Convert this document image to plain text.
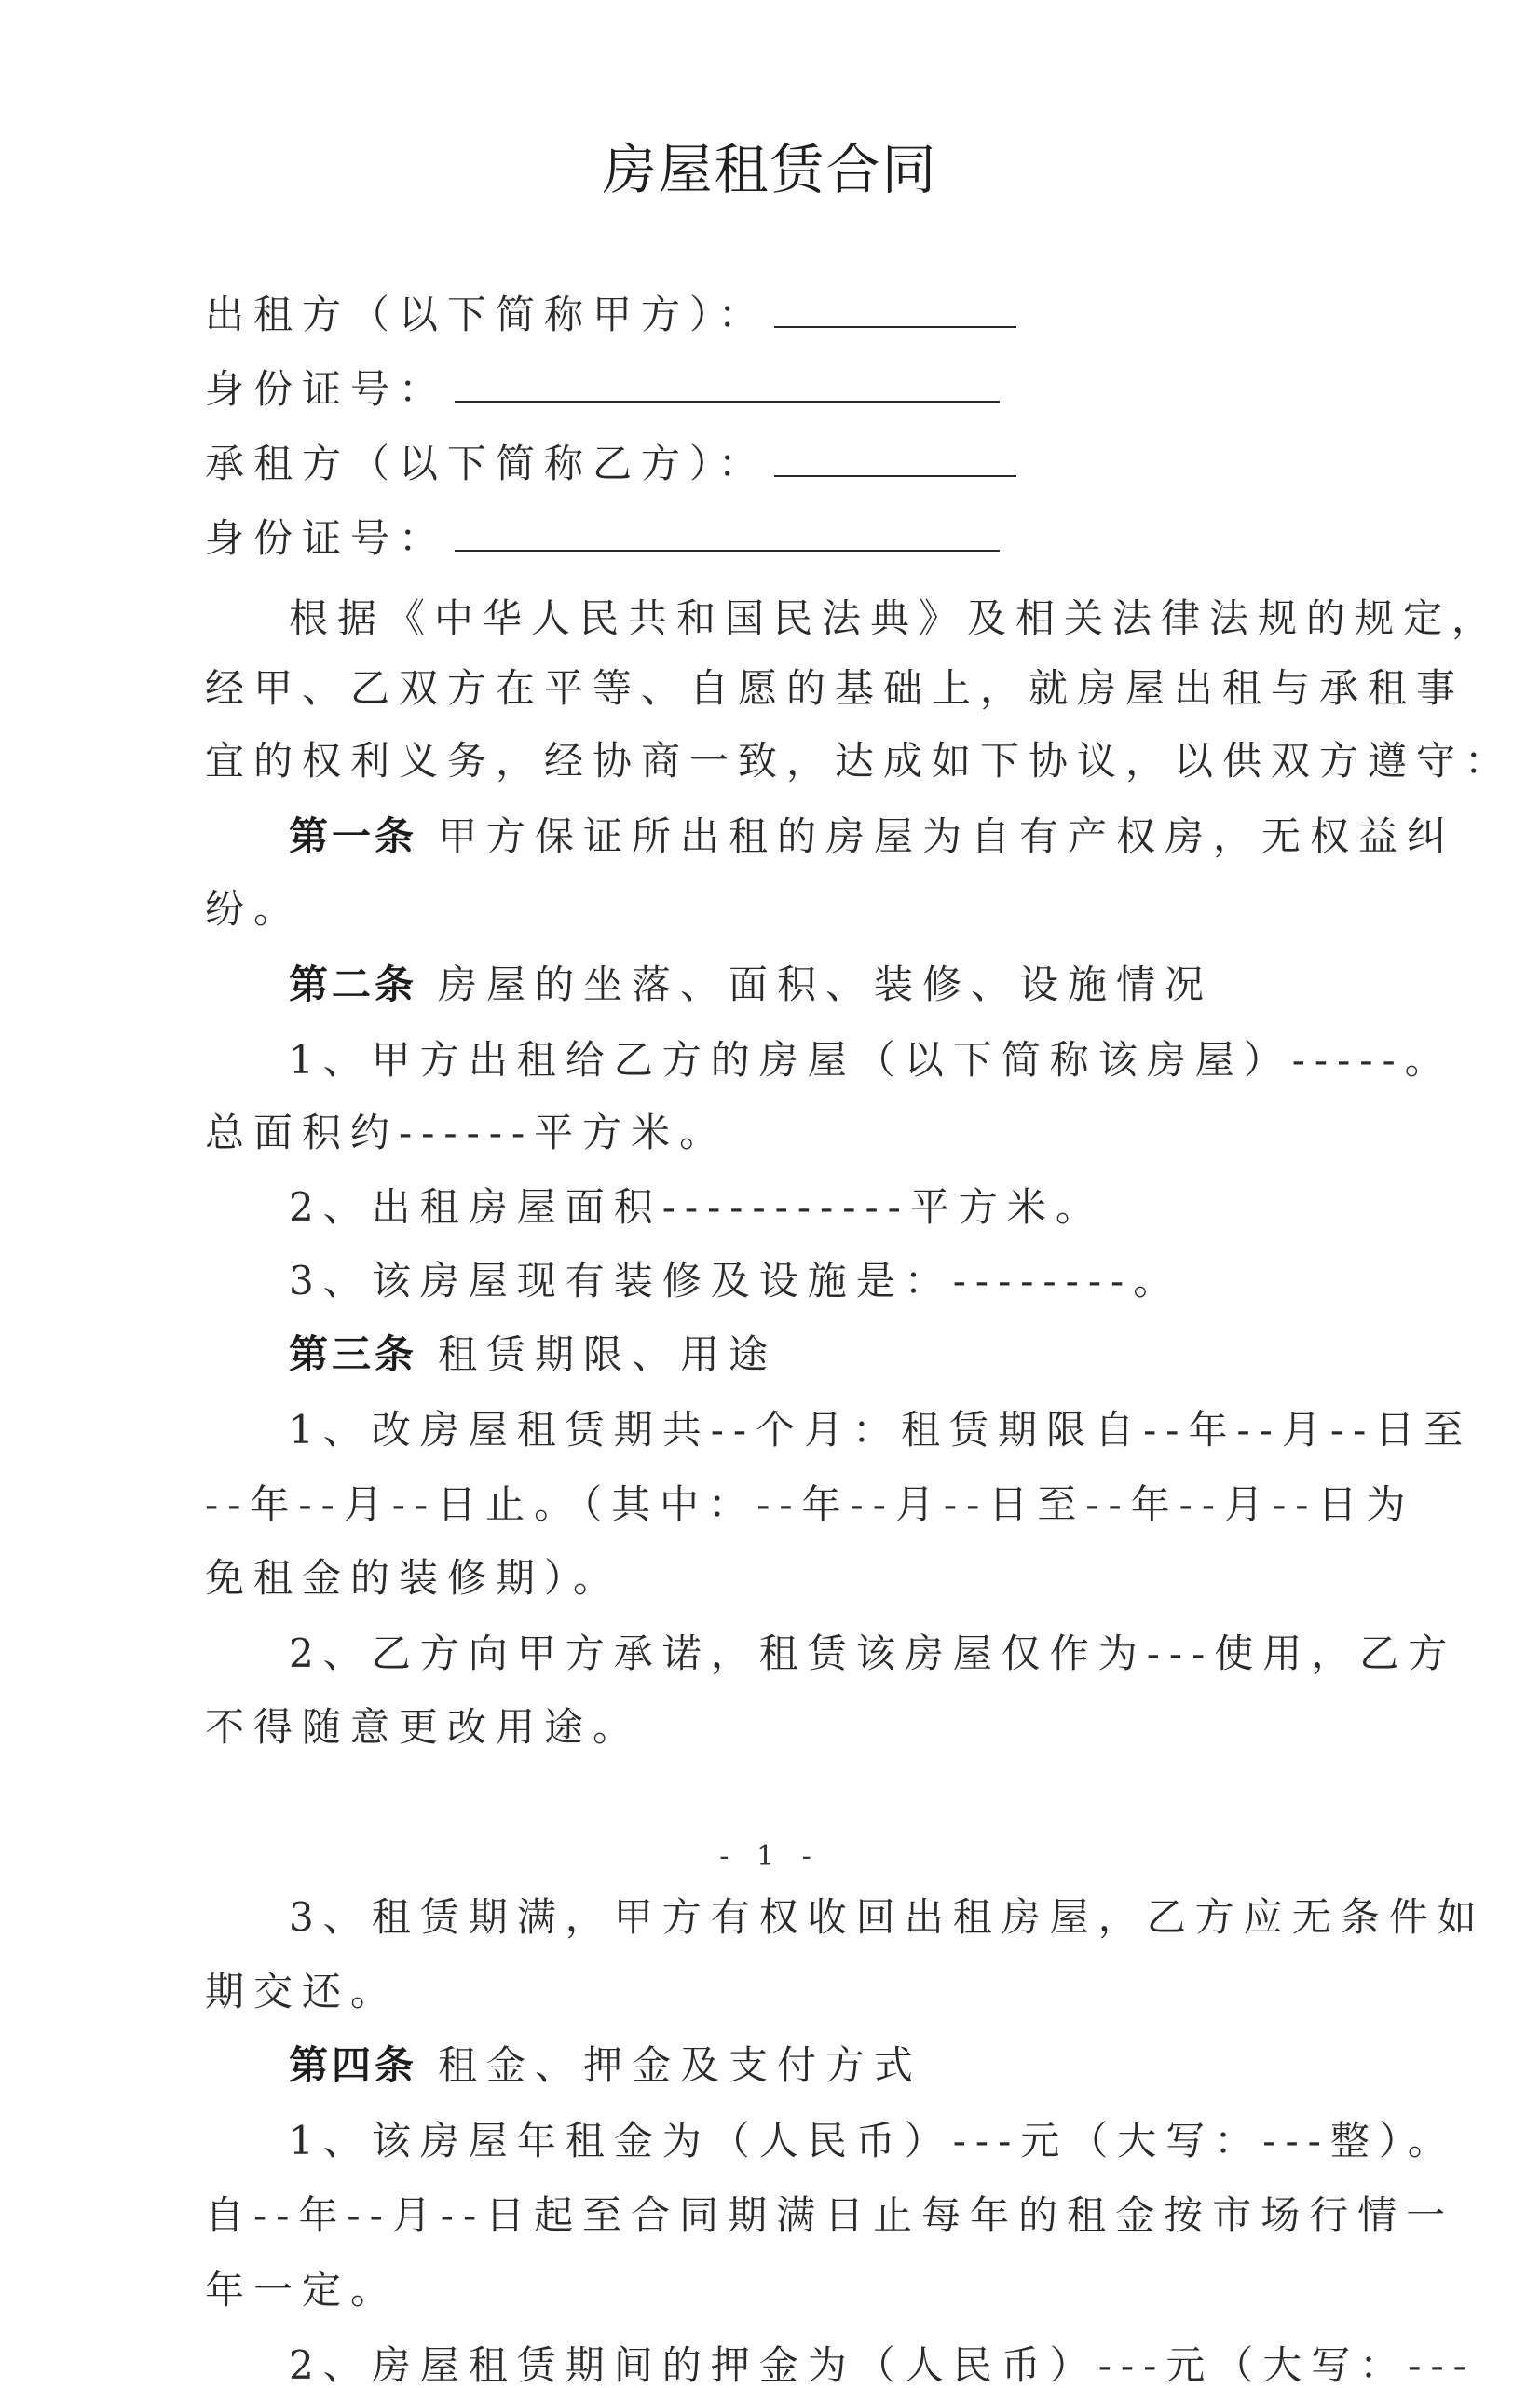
房屋租赁合同
出租方（以下简称甲方）：
身份证号：
承租方（以下简称乙方）：
身份证号：
根据《中华人民共和国民法典》及相关法律法规的规定，
经甲、乙双方在平等、自愿的基础上，就房屋出租与承租事
宜的权利义务，经协商一致，达成如下协议，以供双方遵守：
第一条 甲方保证所出租的房屋为自有产权房，无权益纠
纷。
第二条 房屋的坐落、面积、装修、设施情况
1、甲方出租给乙方的房屋（以下简称该房屋）-----。
总面积约------平方米。
2、出租房屋面积-----------平方米。
3、该房屋现有装修及设施是：--------。
第三条 租赁期限、用途
1、改房屋租赁期共--个月：租赁期限自--年--月--日至
--年--月--日止。（其中：--年--月--日至--年--月--日为
免租金的装修期）。
2、乙方向甲方承诺，租赁该房屋仅作为---使用，乙方
不得随意更改用途。
- 1 -
3、租赁期满，甲方有权收回出租房屋，乙方应无条件如
期交还。
第四条 租金、押金及支付方式
1、该房屋年租金为（人民币）---元（大写：---整）。
自--年--月--日起至合同期满日止每年的租金按市场行情一
年一定。
2、房屋租赁期间的押金为（人民币）---元（大写：---
